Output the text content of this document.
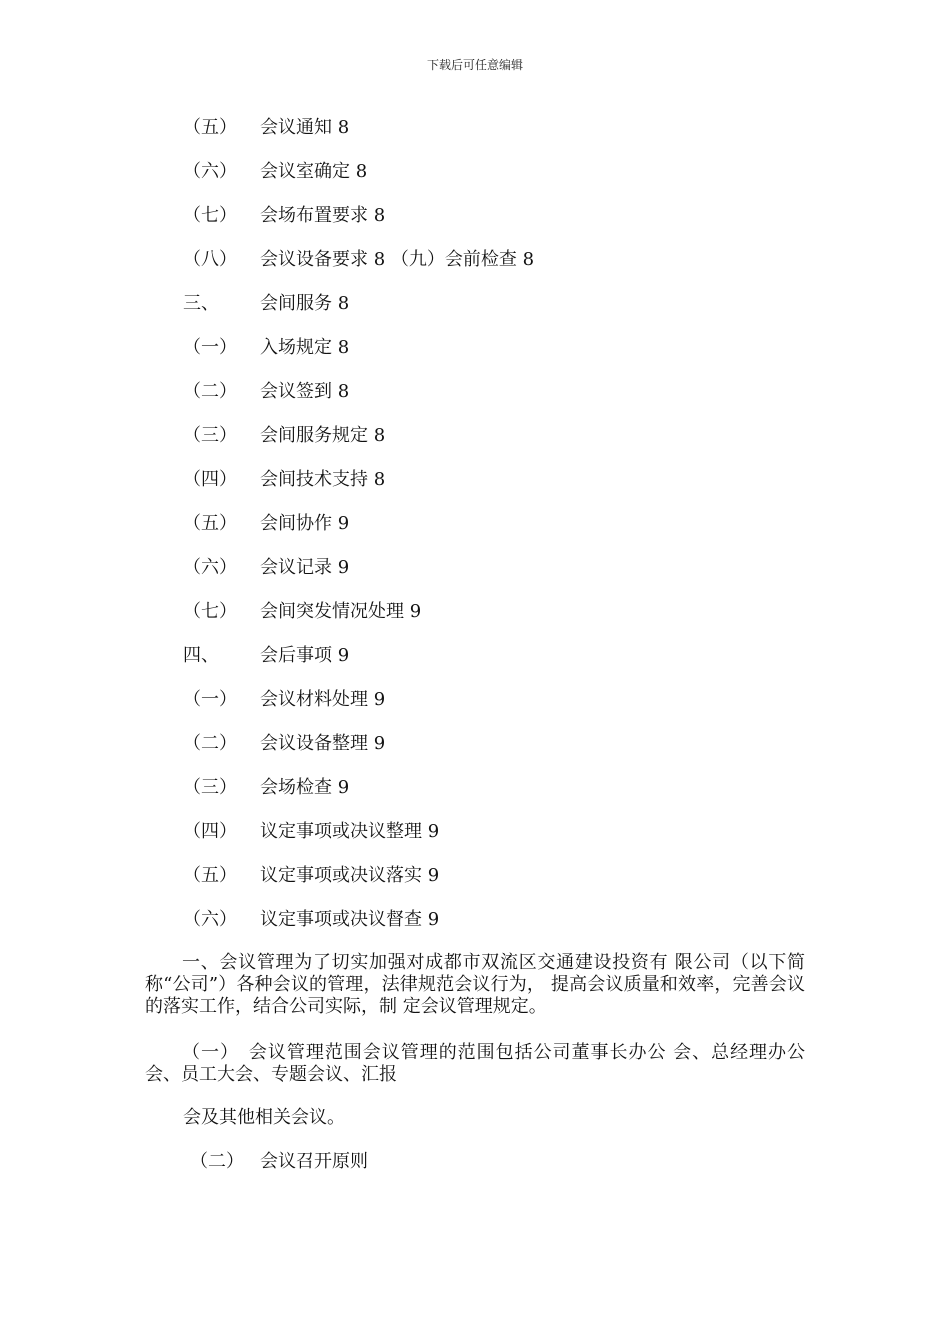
下载后可任意编辑
（五） 会议通知 8
（六） 会议室确定 8
（七） 会场布置要求 8
（八） 会议设备要求 8 （九）会前检查 8
三、 会间服务 8
（一） 入场规定 8
（二） 会议签到 8
（三） 会间服务规定 8
（四） 会间技术支持 8
（五） 会间协作 9
（六） 会议记录 9
（七） 会间突发情况处理 9
四、 会后事项 9
（一） 会议材料处理 9
（二） 会议设备整理 9
（三） 会场检查 9
（四） 议定事项或决议整理 9
（五） 议定事项或决议落实 9
（六） 议定事项或决议督查 9
一、会议管理为了切实加强对成都市双流区交通建设投资有 限公司（以下简称“公司”）各种会议的管理，法律规范会议行为， 提高会议质量和效率，完善会议的落实工作，结合公司实际，制 定会议管理规定。
（一）　会议管理范围会议管理的范围包括公司董事长办公 会、总经理办公会、员工大会、专题会议、汇报
会及其他相关会议。
（二） 会议召开原则
